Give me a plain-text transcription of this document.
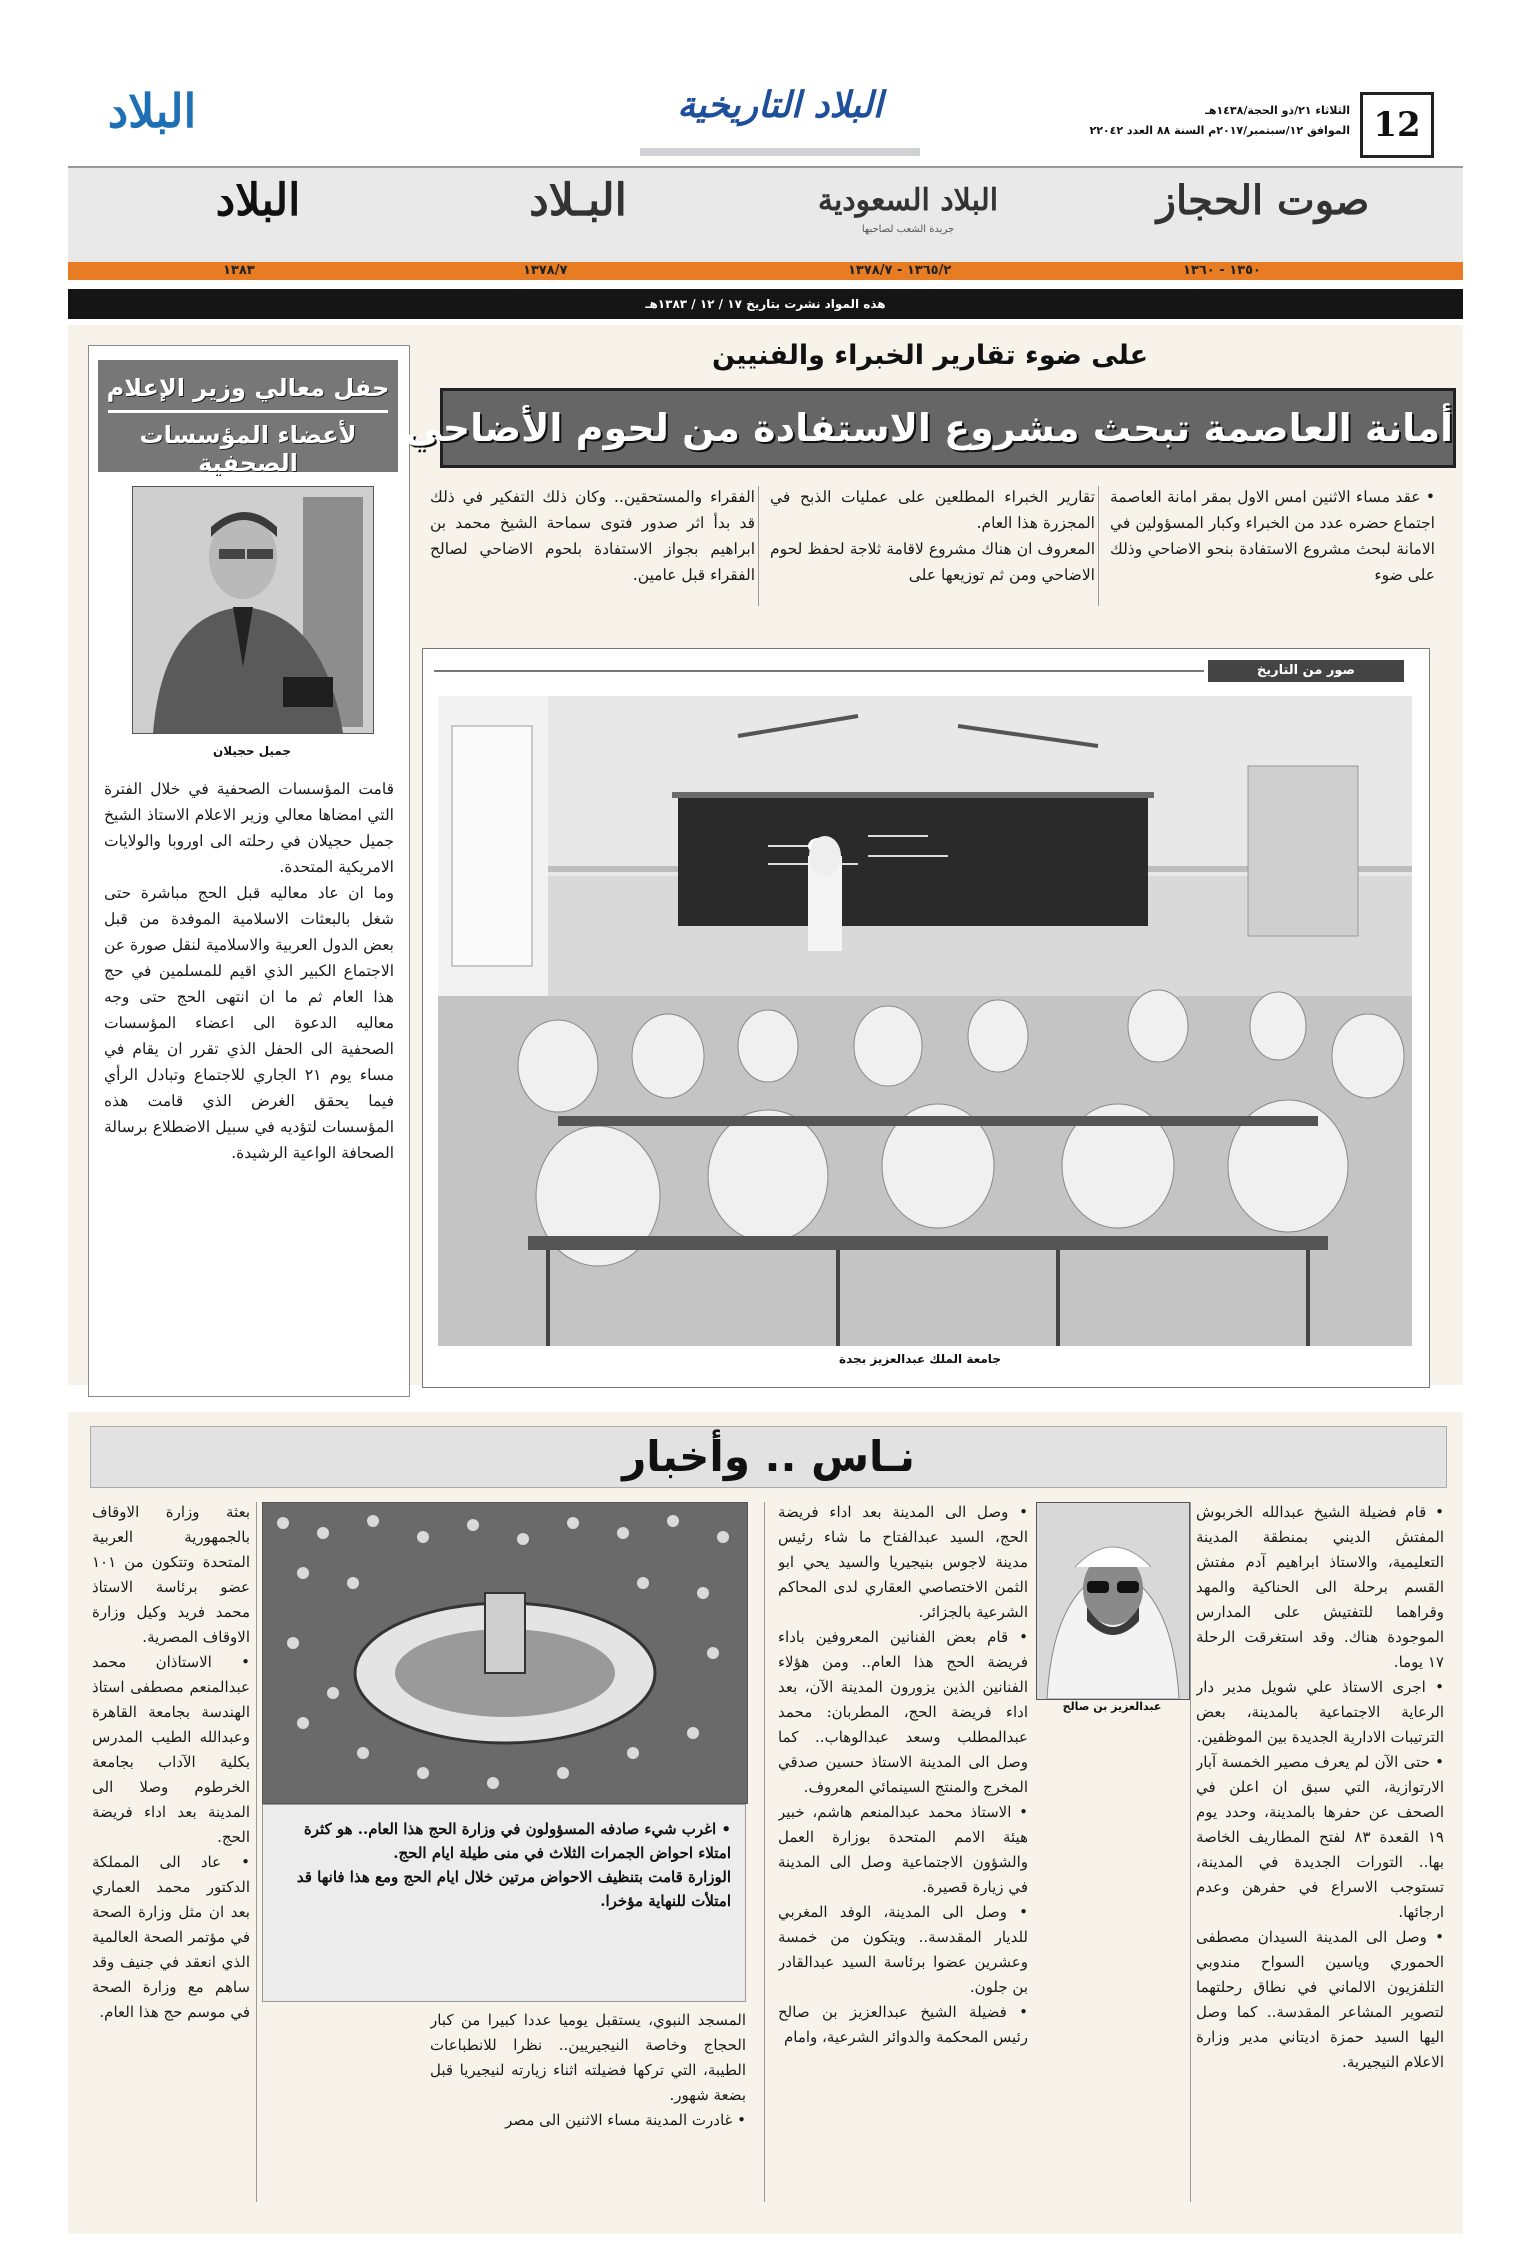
12
الثلاثاء ٢١/ذو الحجة/١٤٣٨هـ
الموافق ١٢/سبتمبر/٢٠١٧م السنة ٨٨ العدد ٢٢٠٤٢
البلاد التاريخية
البلاد
صوت الحجاز
البلاد السعودية
جريدة الشعب لصاحبها
البـلاد
البلاد
١٣٥٠ - ١٣٦٠
١٣٦٥/٢ - ١٣٧٨/٧
١٣٧٨/٧
١٣٨٣
هذه المواد نشرت بتاريخ ١٧ / ١٢ / ١٣٨٣هـ
حفل معالي وزير الإعلام
لأعضاء المؤسسات الصحفية
جميل حجيلان
قامت المؤسسات الصحفية في خلال الفترة التي امضاها معالي وزير الاعلام الاستاذ الشيخ جميل حجيلان في رحلته الى اوروبا والولايات الامريكية المتحدة.
وما ان عاد معاليه قبل الحج مباشرة حتى شغل بالبعثات الاسلامية الموفدة من قبل بعض الدول العربية والاسلامية لنقل صورة عن الاجتماع الكبير الذي اقيم للمسلمين في حج هذا العام ثم ما ان انتهى الحج حتى وجه معاليه الدعوة الى اعضاء المؤسسات الصحفية الى الحفل الذي تقرر ان يقام في مساء يوم ٢١ الجاري للاجتماع وتبادل الرأي فيما يحقق الغرض الذي قامت هذه المؤسسات لتؤديه في سبيل الاضطلاع برسالة الصحافة الواعية الرشيدة.
على ضوء تقارير الخبراء والفنيين
أمانة العاصمة تبحث مشروع الاستفادة من لحوم الأضاحي
• عقد مساء الاثنين امس الاول بمقر امانة العاصمة اجتماع حضره عدد من الخبراء وكبار المسؤولين في الامانة لبحث مشروع الاستفادة بنحو الاضاحي وذلك على ضوء
تقارير الخبراء المطلعين على عمليات الذبح في المجزرة هذا العام.
المعروف ان هناك مشروع لاقامة ثلاجة لحفظ لحوم الاضاحي ومن ثم توزيعها على
الفقراء والمستحقين.. وكان ذلك التفكير في ذلك قد بدأ اثر صدور فتوى سماحة الشيخ محمد بن ابراهيم بجواز الاستفادة بلحوم الاضاحي لصالح الفقراء قبل عامين.
صور من التاريخ
جامعة الملك عبدالعزيز بجدة
نـاس .. وأخبار
• قام فضيلة الشيخ عبدالله الخربوش المفتش الديني بمنطقة المدينة التعليمية، والاستاذ ابراهيم آدم مفتش القسم برحلة الى الحناكية والمهد وقراهما للتفتيش على المدارس الموجودة هناك. وقد استغرقت الرحلة ١٧ يوما.
• اجرى الاستاذ علي شويل مدير دار الرعاية الاجتماعية بالمدينة، بعض الترتيبات الادارية الجديدة بين الموظفين.
• حتى الآن لم يعرف مصير الخمسة آبار الارتوازية، التي سبق ان اعلن في الصحف عن حفرها بالمدينة، وحدد يوم ١٩ القعدة ٨٣ لفتح المطاريف الخاصة بها.. التورات الجديدة في المدينة، تستوجب الاسراع في حفرهن وعدم ارجائها.
• وصل الى المدينة السيدان مصطفى الحموري وياسين السواح مندوبي التلفزيون الالماني في نطاق رحلتهما لتصوير المشاعر المقدسة.. كما وصل اليها السيد حمزة اديتاني مدير وزارة الاعلام النيجيرية.
عبدالعزيز بن صالح
• وصل الى المدينة بعد اداء فريضة الحج، السيد عبدالفتاح ما شاء رئيس مدينة لاجوس بنيجيريا والسيد يحي ابو الثمن الاختصاصي العقاري لدى المحاكم الشرعية بالجزائر.
• قام بعض الفنانين المعروفين باداء فريضة الحج هذا العام.. ومن هؤلاء الفنانين الذين يزورون المدينة الآن، بعد اداء فريضة الحج، المطربان: محمد عبدالمطلب وسعد عبدالوهاب.. كما وصل الى المدينة الاستاذ حسين صدقي المخرج والمنتج السينمائي المعروف.
• الاستاذ محمد عبدالمنعم هاشم، خبير هيئة الامم المتحدة بوزارة العمل والشؤون الاجتماعية وصل الى المدينة في زيارة قصيرة.
• وصل الى المدينة، الوفد المغربي للديار المقدسة.. ويتكون من خمسة وعشرين عضوا برئاسة السيد عبدالقادر بن جلون.
• فضيلة الشيخ عبدالعزيز بن صالح رئيس المحكمة والدوائر الشرعية، وامام
• اغرب شيء صادفه المسؤولون في وزارة الحج هذا العام.. هو كثرة امتلاء احواض الجمرات الثلاث في منى طيلة ايام الحج.
الوزارة قامت بتنظيف الاحواض مرتين خلال ايام الحج ومع هذا فانها قد امتلأت للنهاية مؤخرا.
المسجد النبوي، يستقبل يوميا عددا كبيرا من كبار الحجاج وخاصة النيجيريين.. نظرا للانطباعات الطيبة، التي تركها فضيلته اثناء زيارته لنيجيريا قبل بضعة شهور.
• غادرت المدينة مساء الاثنين الى مصر
بعثة وزارة الاوقاف بالجمهورية العربية المتحدة وتتكون من ١٠١ عضو برئاسة الاستاذ محمد فريد وكيل وزارة الاوقاف المصرية.
• الاستاذان محمد عبدالمنعم مصطفى استاذ الهندسة بجامعة القاهرة وعبدالله الطيب المدرس بكلية الآداب بجامعة الخرطوم وصلا الى المدينة بعد اداء فريضة الحج.
• عاد الى المملكة الدكتور محمد العماري بعد ان مثل وزارة الصحة في مؤتمر الصحة العالمية الذي انعقد في جنيف وقد ساهم مع وزارة الصحة في موسم حج هذا العام.
